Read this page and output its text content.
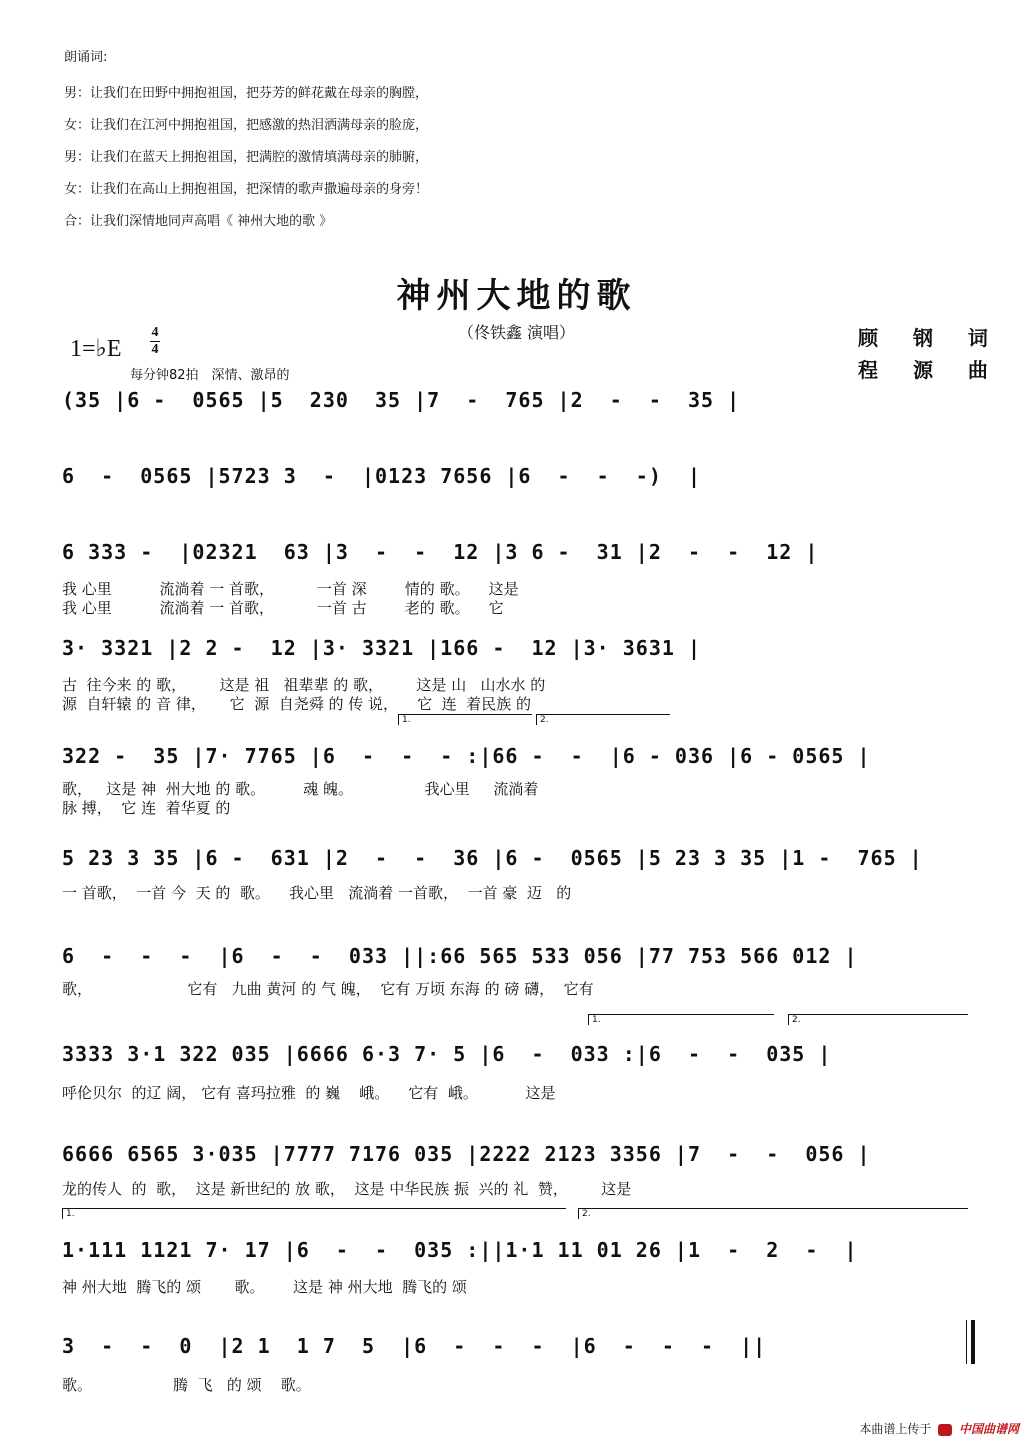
朗诵词:
男：让我们在田野中拥抱祖国，把芬芳的鲜花戴在母亲的胸膛，
女：让我们在江河中拥抱祖国，把感激的热泪洒满母亲的脸庞，
男：让我们在蓝天上拥抱祖国，把满腔的激情填满母亲的肺腑，
女：让我们在高山上拥抱祖国，把深情的歌声撒遍母亲的身旁！
合：让我们深情地同声高唱《 神州大地的歌 》
神州大地的歌
（佟铁鑫 演唱）
1=♭E
4
4
每分钟82拍　深情、激昂的
顾 钢 词
程 源 曲
(35 |6 -  0565 |5  230  35 |7  -  765 |2  -  -  35 |
6  -  0565 |5723 3  -  |0123 7656 |6  -  -  -)  |
6 333 -  |02321  63 |3  -  -  12 |3 6 -  31 |2  -  -  12 |
我 心里          流淌着 一 首歌，         一首 深        情的 歌。    这是
我 心里          流淌着 一 首歌，         一首 古        老的 歌。    它
3· 3321 |2 2 -  12 |3· 3321 |166 -  12 |3· 3631 |
古  往今来 的 歌，       这是 祖   祖辈辈 的 歌，       这是 山   山水水 的
源  自轩辕 的 音 律，     它  源  自尧舜 的 传 说，    它  连  着民族 的
1.	2.
322 -  35 |7· 7765 |6  -  -  - :|66 -  -  |6 - 036 |6 - 0565 |
歌，   这是 神  州大地 的 歌。        魂 魄。               我心里     流淌着
脉 搏，  它 连  着华夏 的
5 23 3 35 |6 -  631 |2  -  -  36 |6 -  0565 |5 23 3 35 |1 -  765 |
一 首歌，  一首 今  天 的  歌。    我心里   流淌着 一首歌，  一首 豪  迈   的
6  -  -  -  |6  -  -  033 ||:66 565 533 056 |77 753 566 012 |
歌，                    它有   九曲 黄河 的 气 魄，  它有 万顷 东海 的 磅 礴，  它有
1.	2.
3333 3·1 322 035 |6666 6·3 7· 5 |6  -  033 :|6  -  -  035 |
呼伦贝尔  的辽 阔， 它有 喜玛拉雅  的 巍    峨。    它有  峨。          这是
6666 6565 3·035 |7777 7176 035 |2222 2123 3356 |7  -  -  056 |
龙的传人  的  歌，  这是 新世纪的 放 歌，  这是 中华民族 振  兴的 礼  赞，       这是
1.	2.
1·111 1121 7· 17 |6  -  -  035 :||1·1 11 01 26 |1  -  2  -  |
神 州大地  腾飞的 颂       歌。      这是 神 州大地  腾飞的 颂
3  -  -  0  |2 1  1 7  5  |6  -  -  -  |6  -  -  -  ||
歌。                 腾  飞   的 颂    歌。
本曲谱上传于 中国曲谱网
